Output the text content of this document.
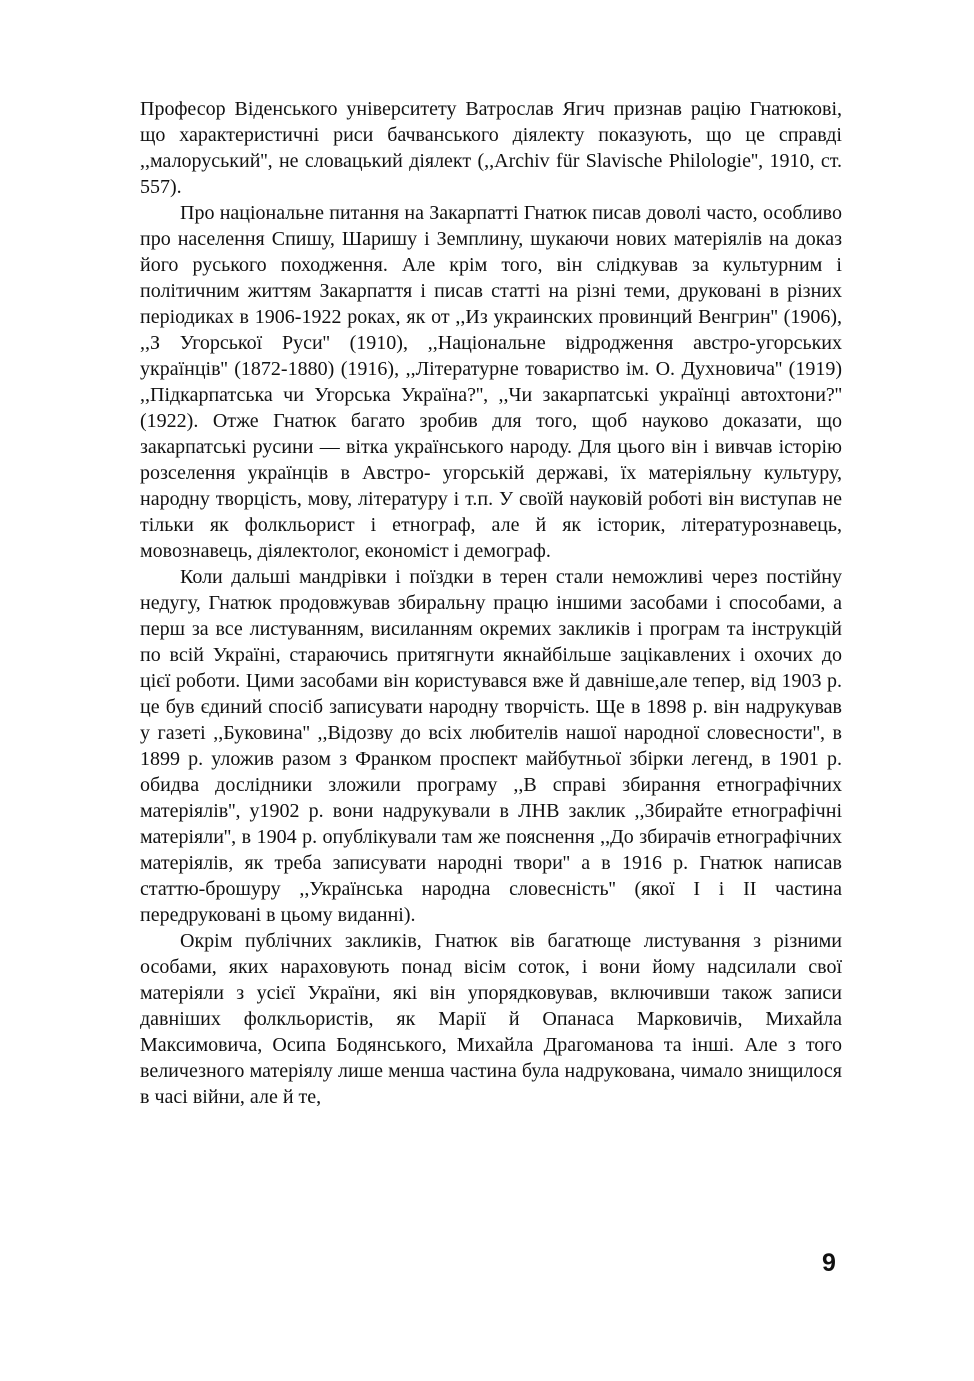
Професор Віденського університету Ватрослав Ягич признав рацію Гнатюкові, що характеристичні риси бачванського діялекту показують, що це справді ,,малоруський'', не словацький діялект (,,Archiv für Slavische Philologie'', 1910, ст. 557).

Про національне питання на Закарпатті Гнатюк писав доволі часто, особливо про населення Спишу, Шаришу і Земплину, шукаючи нових матеріялів на доказ його руського походження. Але крім того, він слідкував за культурним і політичним життям Закарпаття і писав статті на різні теми, друковані в різних періодиках в 1906-1922 роках, як от ,,Из украинских провинций Венгрин'' (1906), ,,З Угорської Руси'' (1910), ,,Національне відродження австро-угорських українців'' (1872-1880) (1916), ,,Літературне товариство ім. О. Духновича'' (1919) ,,Підкарпатська чи Угорська Україна?'', ,,Чи закарпатські українці автохтони?'' (1922). Отже Гнатюк багато зробив для того, щоб науково доказати, що закарпатські русини — вітка українського народу. Для цього він і вивчав історію розселення українців в Австро- угорській державі, їх матеріяльну культуру, народну творцість, мову, літературу і т.п. У своїй науковій роботі він виступав не тільки як фолкльорист і етнограф, але й як історик, літературознавець, мовознавець, діялектолог, економіст і демограф.

Коли дальші мандрівки і поїздки в терен стали неможливі через постійну недугу, Гнатюк продовжував збиральну працю іншими засобами і способами, а перш за все листуванням, висиланням окремих закликів і програм та інструкцій по всій Україні, стараючись притягнути якнайбільше зацікавлених і охочих до цієї роботи. Цими засобами він користувався вже й давніше,але тепер, від 1903 р. це був єдиний спосіб записувати народну творчість. Ще в 1898 р. він надрукував у газеті ,,Буковина'' ,,Відозву до всіх любителів нашої народної словесности'', в 1899 р. уложив разом з Франком проспект майбутньої збірки легенд, в 1901 р. обидва дослідники зложили програму ,,В справі збирання етнографічних матеріялів'', у1902 р. вони надрукували в ЛНВ заклик ,,Збирайте етнографічні матеріяли'', в 1904 р. опублікували там же пояснення ,,До збирачів етнографічних матеріялів, як треба записувати народні твори'' а в 1916 р. Гнатюк написав статтю-брошуру ,,Українська народна словесність'' (якої І і II частина передруковані в цьому виданні).

Окрім публічних закликів, Гнатюк вів багатюще листування з різними особами, яких нараховують понад вісім соток, і вони йому надсилали свої матеріяли з усієї України, які він упорядковував, включивши також записи давніших фолкльористів, як Марії й Опанаса Марковичів, Михайла Максимовича, Осипа Бодянського, Михайла Драгоманова та інші. Але з того величезного матеріялу лише менша частина була надрукована, чимало знищилося в часі війни, але й те,

9
